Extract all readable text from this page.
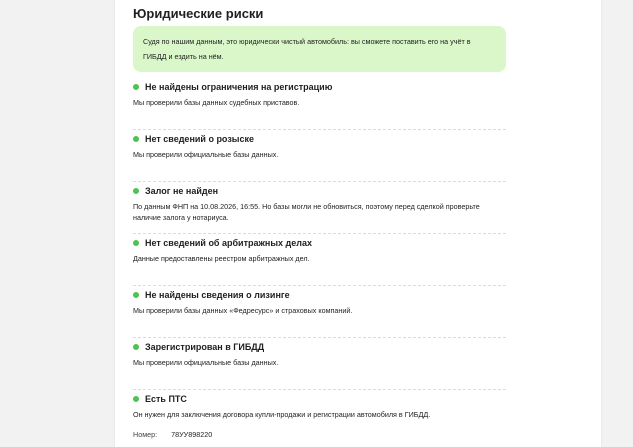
Юридические риски
Судя по нашим данным, это юридически чистый автомобиль: вы сможете поставить его на учёт в ГИБДД и ездить на нём.
Не найдены ограничения на регистрацию
Мы проверили базы данных судебных приставов.
Нет сведений о розыске
Мы проверили официальные базы данных.
Залог не найден
По данным ФНП на 10.08.2026, 16:55. Но базы могли не обновиться, поэтому перед сделкой проверьте наличие залога у нотариуса.
Нет сведений об арбитражных делах
Данные предоставлены реестром арбитражных дел.
Не найдены сведения о лизинге
Мы проверили базы данных «Федресурс» и страховых компаний.
Зарегистрирован в ГИБДД
Мы проверили официальные базы данных.
Есть ПТС
Он нужен для заключения договора купли-продажи и регистрации автомобиля в ГИБДД.
Номер: 78УУ898220
